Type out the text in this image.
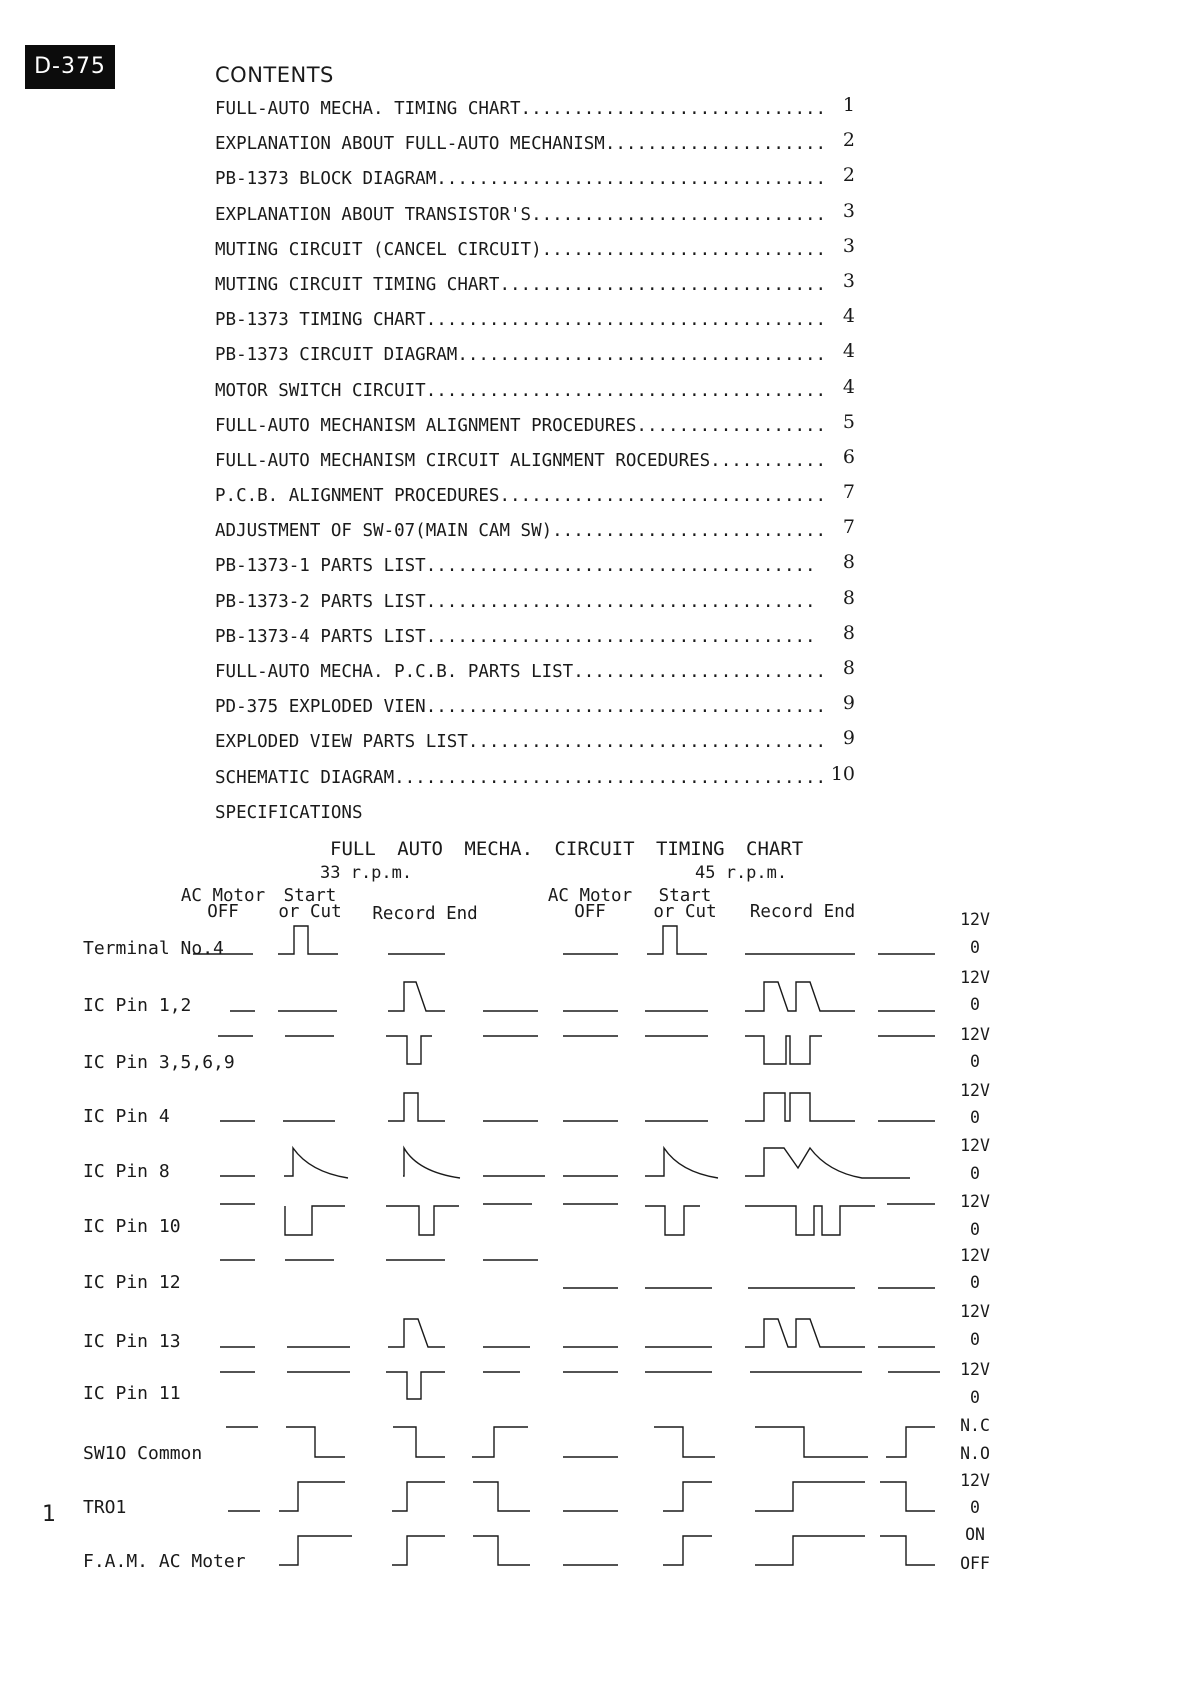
D-375	CONTENTS
FULL-AUTO MECHA. TIMING CHART............................. 1
EXPLANATION ABOUT FULL-AUTO MECHANISM..................... 2
PB-1373 BLOCK DIAGRAM..................................... 2
EXPLANATION ABOUT TRANSISTOR'S............................ 3
MUTING CIRCUIT (CANCEL CIRCUIT)........................... 3
MUTING CIRCUIT TIMING CHART............................... 3
PB-1373 TIMING CHART...................................... 4
PB-1373 CIRCUIT DIAGRAM................................... 4
MOTOR SWITCH CIRCUIT...................................... 4
FULL-AUTO MECHANISM ALIGNMENT PROCEDURES.................. 5
FULL-AUTO MECHANISM CIRCUIT ALIGNMENT ROCEDURES........... 6
P.C.B. ALIGNMENT PROCEDURES............................... 7
ADJUSTMENT OF SW-07(MAIN CAM SW).......................... 7
PB-1373-1 PARTS LIST..................................... 8
PB-1373-2 PARTS LIST..................................... 8
PB-1373-4 PARTS LIST..................................... 8
FULL-AUTO MECHA. P.C.B. PARTS LIST........................ 8
PD-375 EXPLODED VIEN...................................... 9
EXPLODED VIEW PARTS LIST.................................. 9
SCHEMATIC DIAGRAM......................................... 10
SPECIFICATIONS
FULL AUTO MECHA. CIRCUIT TIMING CHART
33 r.p.m.	45 r.p.m.
AC Motor
OFF
Start
or Cut	Record End
AC Motor
OFF
Start
or Cut	Record End
Terminal No.4
12V
0
IC Pin 1,2
12V
0
IC Pin 3,5,6,9
12V
0
IC Pin 4
12V
0
IC Pin 8
12V
0
IC Pin 10
12V
0
IC Pin 12
12V
0
IC Pin 13
12V
0
IC Pin 11
12V
0
SW1O Common
N.C
N.O
TRO1
12V
0
F.A.M. AC Moter
ON
OFF
1
